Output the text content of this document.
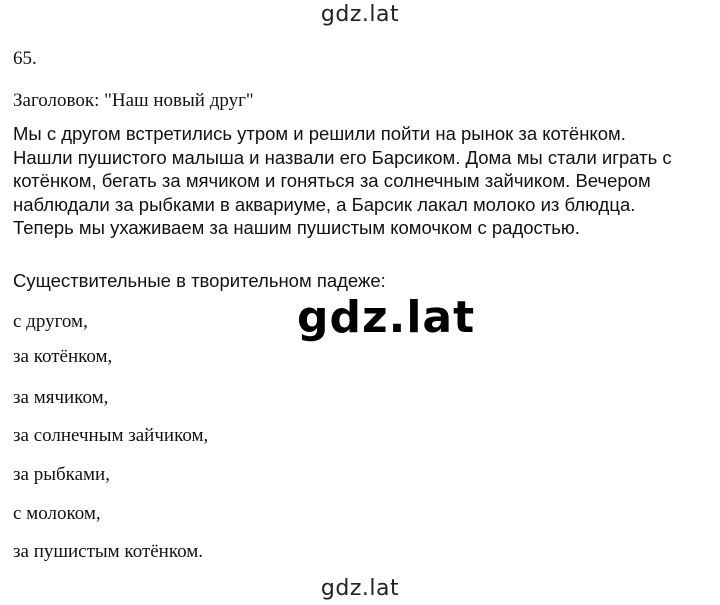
gdz.lat
65.
Заголовок: "Наш новый друг"
Мы с другом встретились утром и решили пойти на рынок за котёнком.
Нашли пушистого малыша и назвали его Барсиком. Дома мы стали играть с
котёнком, бегать за мячиком и гоняться за солнечным зайчиком. Вечером
наблюдали за рыбками в аквариуме, а Барсик лакал молоко из блюдца.
Теперь мы ухаживаем за нашим пушистым комочком с радостью.
Существительные в творительном падеже:
с другом,
за котёнком,
за мячиком,
за солнечным зайчиком,
за рыбками,
с молоком,
за пушистым котёнком.
gdz.lat
gdz.lat
